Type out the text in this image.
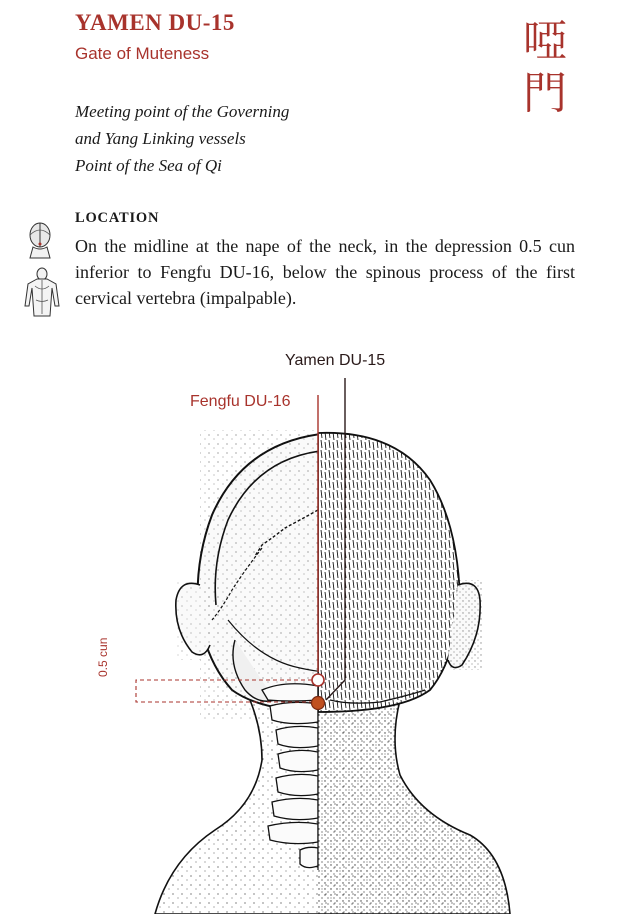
YAMEN DU-15
Gate of Muteness	啞
門
Meeting point of the Governing
and Yang Linking vessels
Point of the Sea of Qi
LOCATION
On the midline at the nape of the neck, in the depression 0.5 cun inferior to Fengfu DU-16, below the spinous process of the first cervical vertebra (impalpable).
Yamen DU-15
Fengfu DU-16
0.5 cun
